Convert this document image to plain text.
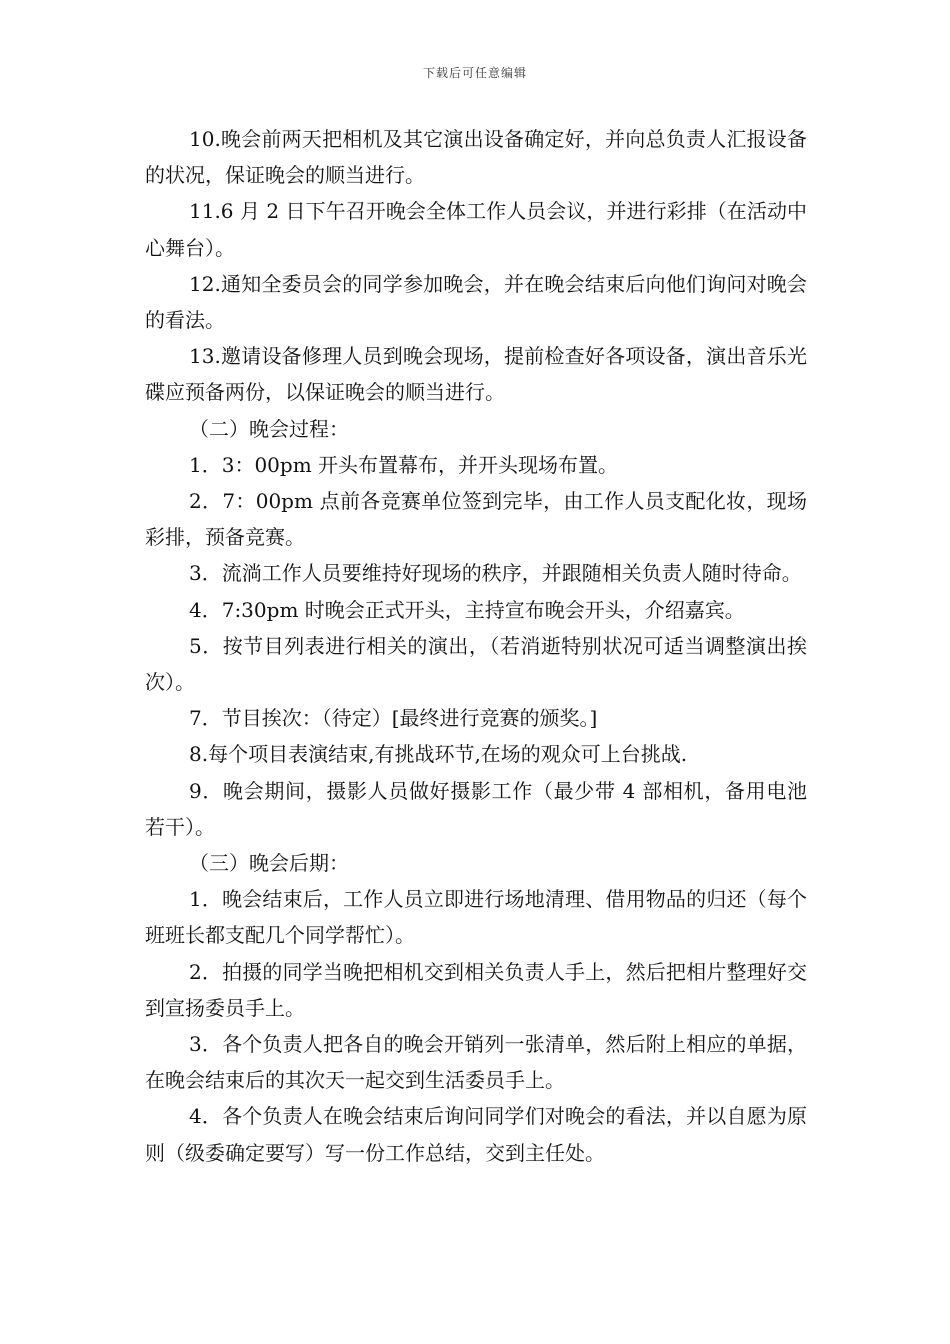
下载后可任意编辑

10.晚会前两天把相机及其它演出设备确定好，并向总负责人汇报设备的状况，保证晚会的顺当进行。

11.6 月 2 日下午召开晚会全体工作人员会议，并进行彩排（在活动中心舞台）。

12.通知全委员会的同学参加晚会，并在晚会结束后向他们询问对晚会的看法。

13.邀请设备修理人员到晚会现场，提前检查好各项设备，演出音乐光碟应预备两份，以保证晚会的顺当进行。

（二）晚会过程：

1．3：00pm 开头布置幕布，并开头现场布置。

2．7：00pm 点前各竞赛单位签到完毕，由工作人员支配化妆，现场彩排，预备竞赛。

3．流淌工作人员要维持好现场的秩序，并跟随相关负责人随时待命。

4．7:30pm 时晚会正式开头，主持宣布晚会开头，介绍嘉宾。

5．按节目列表进行相关的演出，（若消逝特别状况可适当调整演出挨次）。

7．节目挨次：（待定）[最终进行竞赛的颁奖。]

8.每个项目表演结束,有挑战环节,在场的观众可上台挑战.

9．晚会期间，摄影人员做好摄影工作（最少带 4 部相机，备用电池若干）。

（三）晚会后期：

1．晚会结束后，工作人员立即进行场地清理、借用物品的归还（每个班班长都支配几个同学帮忙）。

2．拍摄的同学当晚把相机交到相关负责人手上，然后把相片整理好交到宣扬委员手上。

3．各个负责人把各自的晚会开销列一张清单，然后附上相应的单据，在晚会结束后的其次天一起交到生活委员手上。

4．各个负责人在晚会结束后询问同学们对晚会的看法，并以自愿为原则（级委确定要写）写一份工作总结，交到主任处。
